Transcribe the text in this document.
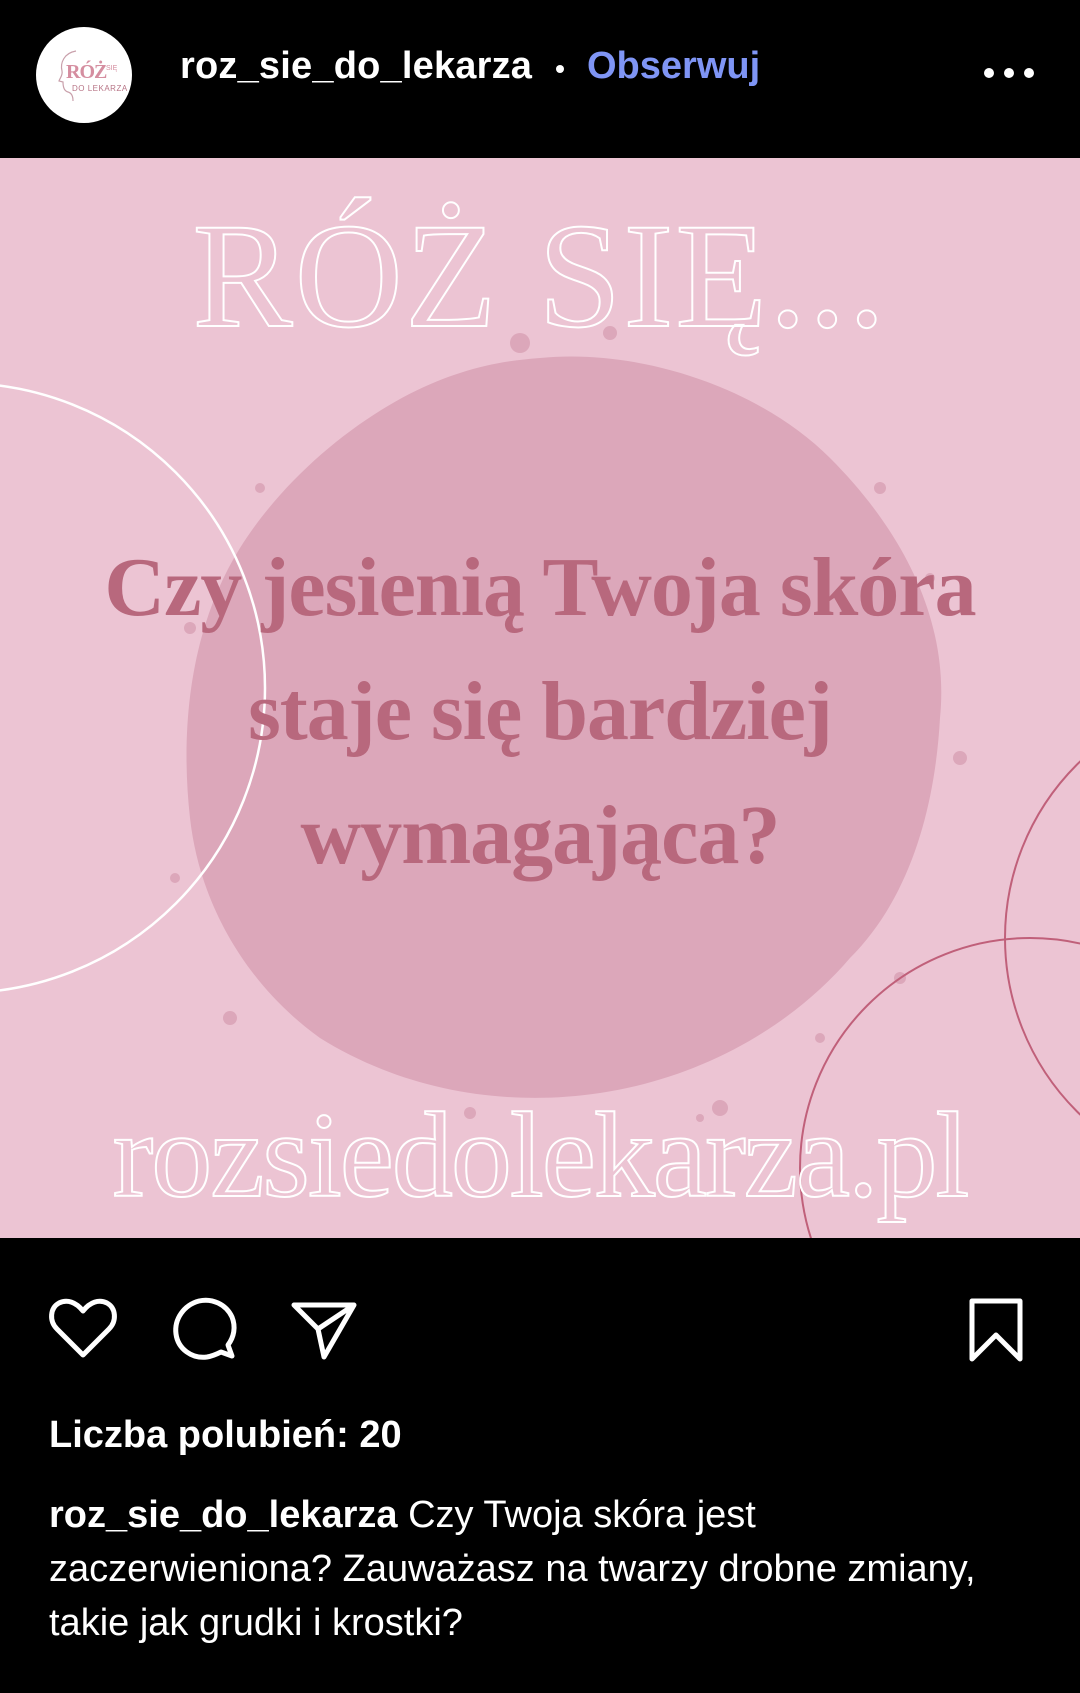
RÓŻ SIĘ
DO LEKARZA
roz_sie_do_lekarza Obserwuj
RÓŻ SIĘ...
Czy jesienią Twoja skóra
staje się bardziej
wymagająca?
rozsiedolekarza.pl
Liczba polubień: 20
roz_sie_do_lekarza Czy Twoja skóra jest zaczerwieniona? Zauważasz na twarzy drobne zmiany, takie jak grudki i krostki?
